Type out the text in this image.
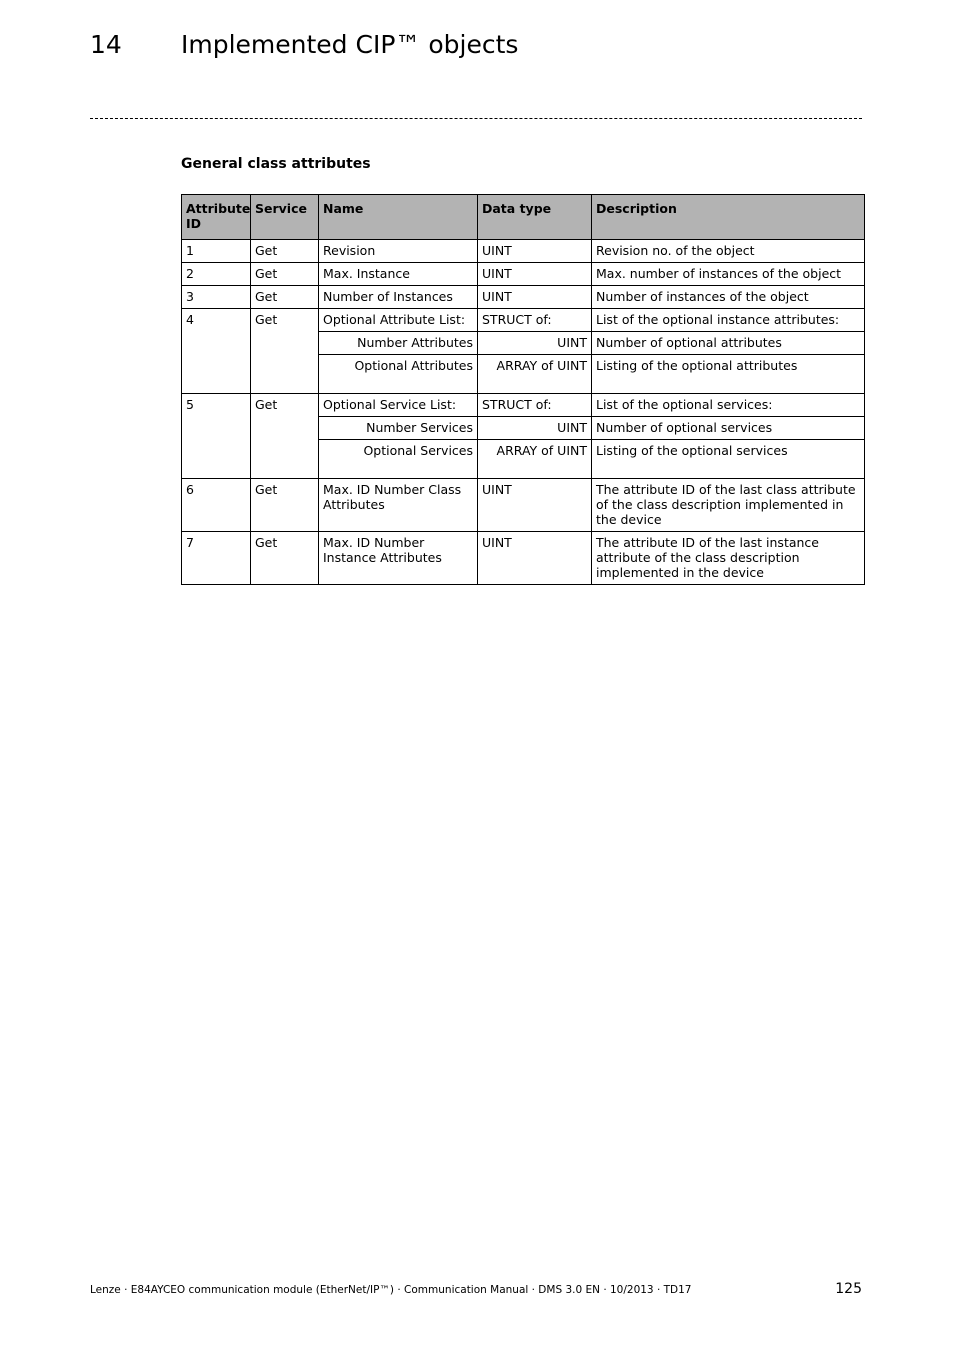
14 Implemented CIP™ objects
General class attributes
Attribute ID	Service	Name	Data type	Description
1	Get	Revision	UINT	Revision no. of the object
2	Get	Max. Instance	UINT	Max. number of instances of the object
3	Get	Number of Instances	UINT	Number of instances of the object
4	Get	Optional Attribute List:	STRUCT of:	List of the optional instance attributes:
		Number Attributes	UINT	Number of optional attributes
		Optional Attributes	ARRAY of UINT	Listing of the optional attributes
5	Get	Optional Service List:	STRUCT of:	List of the optional services:
		Number Services	UINT	Number of optional services
		Optional Services	ARRAY of UINT	Listing of the optional services
6	Get	Max. ID Number Class Attributes	UINT	The attribute ID of the last class attribute of the class description implemented in the device
7	Get	Max. ID Number Instance Attributes	UINT	The attribute ID of the last instance attribute of the class description implemented in the device
Lenze · E84AYCEO communication module (EtherNet/IP™) · Communication Manual · DMS 3.0 EN · 10/2013 · TD17	125
